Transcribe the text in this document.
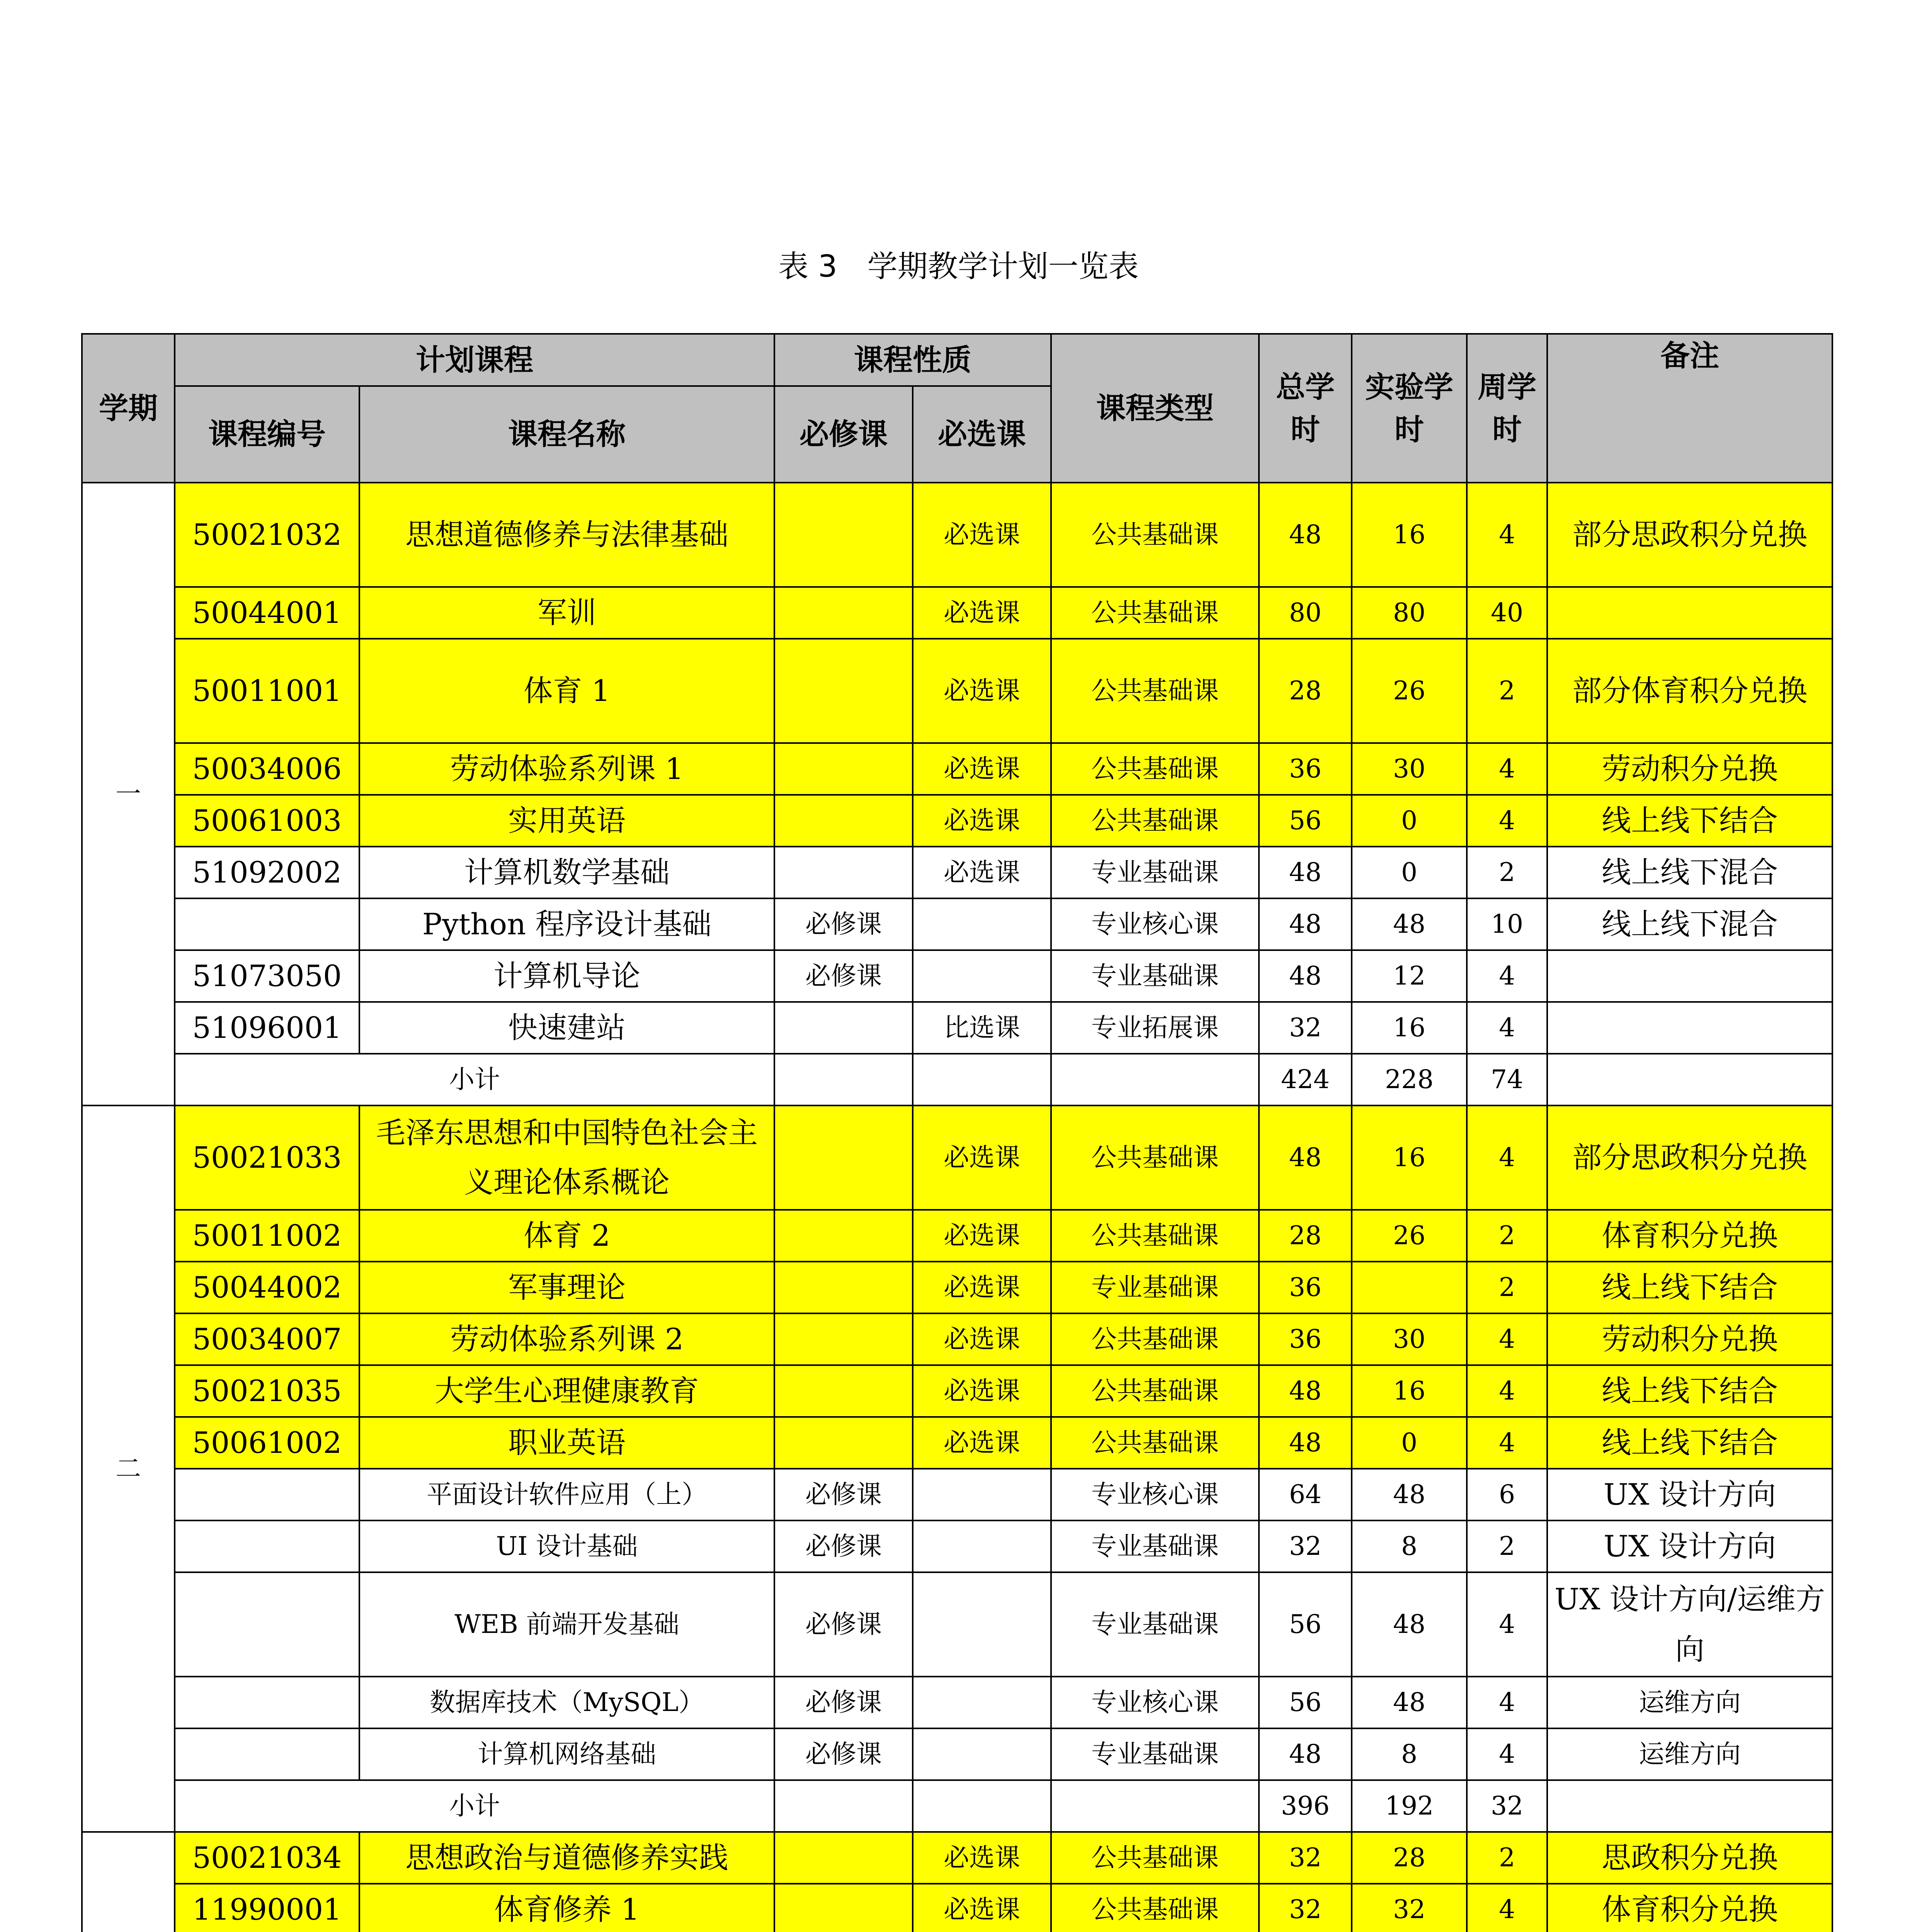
表 3　学期教学计划一览表
学期	计划课程		课程性质		课程类型	总学时	实验学时	周学时	备注
	课程编号	课程名称	必修课	必选课					
一	50021032	思想道德修养与法律基础		必选课	公共基础课	48	16	4	部分思政积分兑换
	50044001	军训		必选课	公共基础课	80	80	40	
	50011001	体育 1		必选课	公共基础课	28	26	2	部分体育积分兑换
	50034006	劳动体验系列课 1		必选课	公共基础课	36	30	4	劳动积分兑换
	50061003	实用英语		必选课	公共基础课	56	0	4	线上线下结合
	51092002	计算机数学基础		必选课	专业基础课	48	0	2	线上线下混合
		Python 程序设计基础	必修课		专业核心课	48	48	10	线上线下混合
	51073050	计算机导论	必修课		专业基础课	48	12	4	
	51096001	快速建站		比选课	专业拓展课	32	16	4	
	小计					424	228	74	
二	50021033	毛泽东思想和中国特色社会主义理论体系概论		必选课	公共基础课	48	16	4	部分思政积分兑换
	50011002	体育 2		必选课	公共基础课	28	26	2	体育积分兑换
	50044002	军事理论		必选课	专业基础课	36		2	线上线下结合
	50034007	劳动体验系列课 2		必选课	公共基础课	36	30	4	劳动积分兑换
	50021035	大学生心理健康教育		必选课	公共基础课	48	16	4	线上线下结合
	50061002	职业英语		必选课	公共基础课	48	0	4	线上线下结合
		平面设计软件应用（上）	必修课		专业核心课	64	48	6	UX 设计方向
		UI 设计基础	必修课		专业基础课	32	8	2	UX 设计方向
		WEB 前端开发基础	必修课		专业基础课	56	48	4	UX 设计方向/运维方向
		数据库技术（MySQL）	必修课		专业核心课	56	48	4	运维方向
		计算机网络基础	必修课		专业基础课	48	8	4	运维方向
	小计					396	192	32	
	50021034	思想政治与道德修养实践		必选课	公共基础课	32	28	2	思政积分兑换
	11990001	体育修养 1		必选课	公共基础课	32	32	4	体育积分兑换
